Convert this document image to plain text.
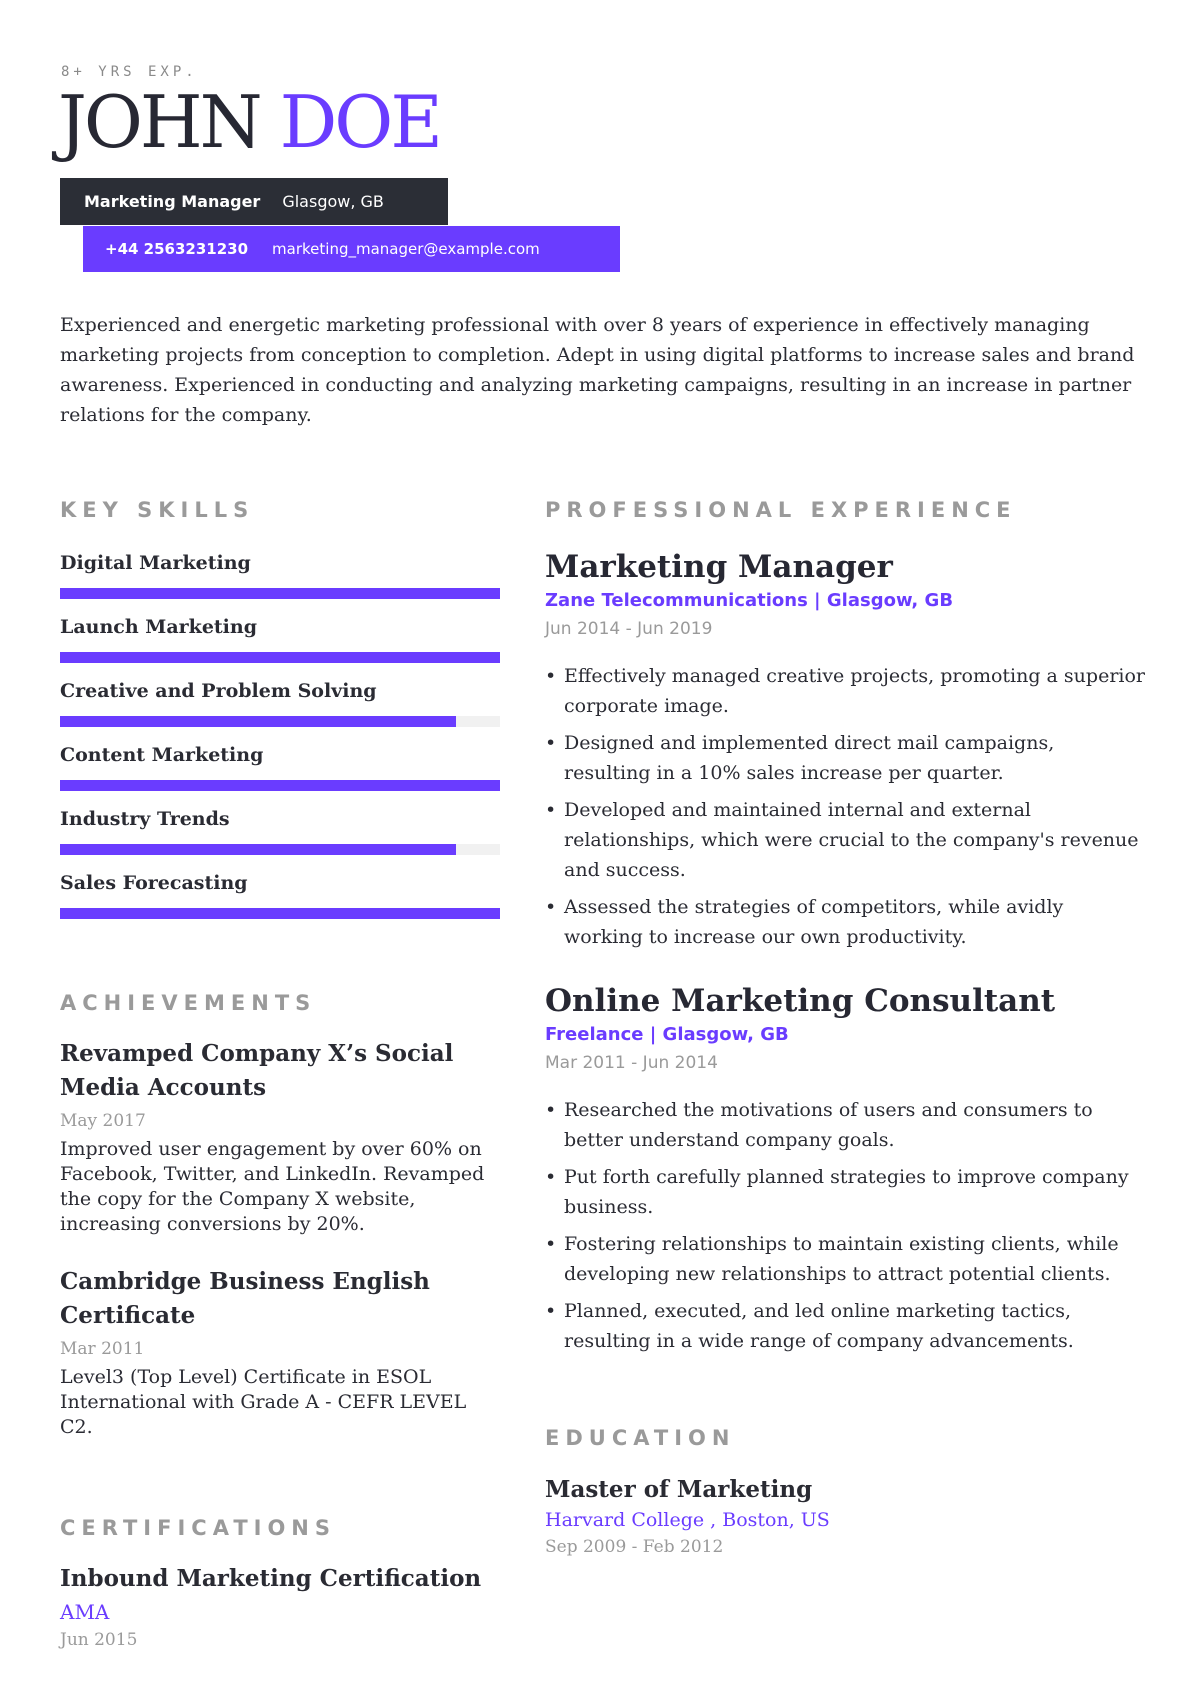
8+ YRS EXP.
JOHN DOE
Marketing Manager Glasgow, GB
+44 2563231230 marketing_manager@example.com

Experienced and energetic marketing professional with over 8 years of experience in effectively managing marketing projects from conception to completion. Adept in using digital platforms to increase sales and brand awareness. Experienced in conducting and analyzing marketing campaigns, resulting in an increase in partner relations for the company.

KEY SKILLS
Digital Marketing
Launch Marketing
Creative and Problem Solving
Content Marketing
Industry Trends
Sales Forecasting
ACHIEVEMENTS
Revamped Company X’s Social Media Accounts
May 2017
Improved user engagement by over 60% on Facebook, Twitter, and LinkedIn. Revamped the copy for the Company X website, increasing conversions by 20%.
Cambridge Business English Certificate
Mar 2011
Level3 (Top Level) Certificate in ESOL International with Grade A - CEFR LEVEL C2.
CERTIFICATIONS
Inbound Marketing Certification
AMA
Jun 2015
PROFESSIONAL EXPERIENCE
Marketing Manager
Zane Telecommunications | Glasgow, GB
Jun 2014 - Jun 2019
• Effectively managed creative projects, promoting a superior corporate image.
• Designed and implemented direct mail campaigns, resulting in a 10% sales increase per quarter.
• Developed and maintained internal and external relationships, which were crucial to the company's revenue and success.
• Assessed the strategies of competitors, while avidly working to increase our own productivity.
Online Marketing Consultant
Freelance | Glasgow, GB
Mar 2011 - Jun 2014
• Researched the motivations of users and consumers to better understand company goals.
• Put forth carefully planned strategies to improve company business.
• Fostering relationships to maintain existing clients, while developing new relationships to attract potential clients.
• Planned, executed, and led online marketing tactics, resulting in a wide range of company advancements.
EDUCATION
Master of Marketing
Harvard College , Boston, US
Sep 2009 - Feb 2012
